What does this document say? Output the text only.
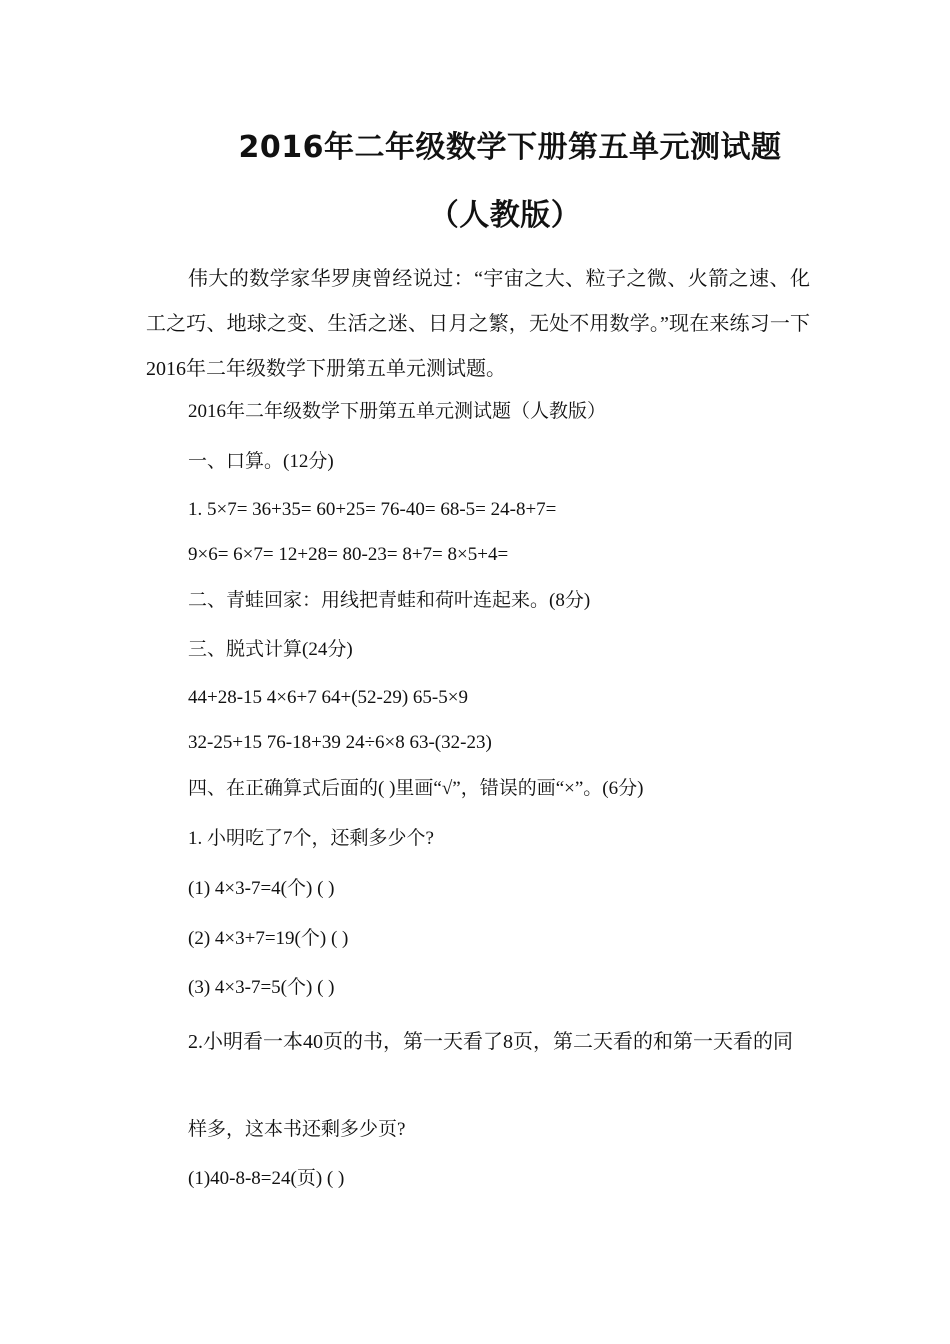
2016年二年级数学下册第五单元测试题
（人教版）
伟大的数学家华罗庚曾经说过：“宇宙之大、粒子之微、火箭之速、化工之巧、地球之变、生活之迷、日月之繁，无处不用数学。”现在来练习一下2016年二年级数学下册第五单元测试题。
2016年二年级数学下册第五单元测试题（人教版）
一、口算。(12分)
1. 5×7= 36+35= 60+25= 76-40= 68-5= 24-8+7=
9×6= 6×7= 12+28= 80-23= 8+7= 8×5+4=
二、青蛙回家：用线把青蛙和荷叶连起来。(8分)
三、脱式计算(24分)
44+28-15 4×6+7 64+(52-29) 65-5×9
32-25+15 76-18+39 24÷6×8 63-(32-23)
四、在正确算式后面的( )里画“√”，错误的画“×”。(6分)
1. 小明吃了7个，还剩多少个?
(1) 4×3-7=4(个) ( )
(2) 4×3+7=19(个) ( )
(3) 4×3-7=5(个) ( )
2.小明看一本40页的书，第一天看了8页，第二天看的和第一天看的同
样多，这本书还剩多少页?
(1)40-8-8=24(页) ( )
